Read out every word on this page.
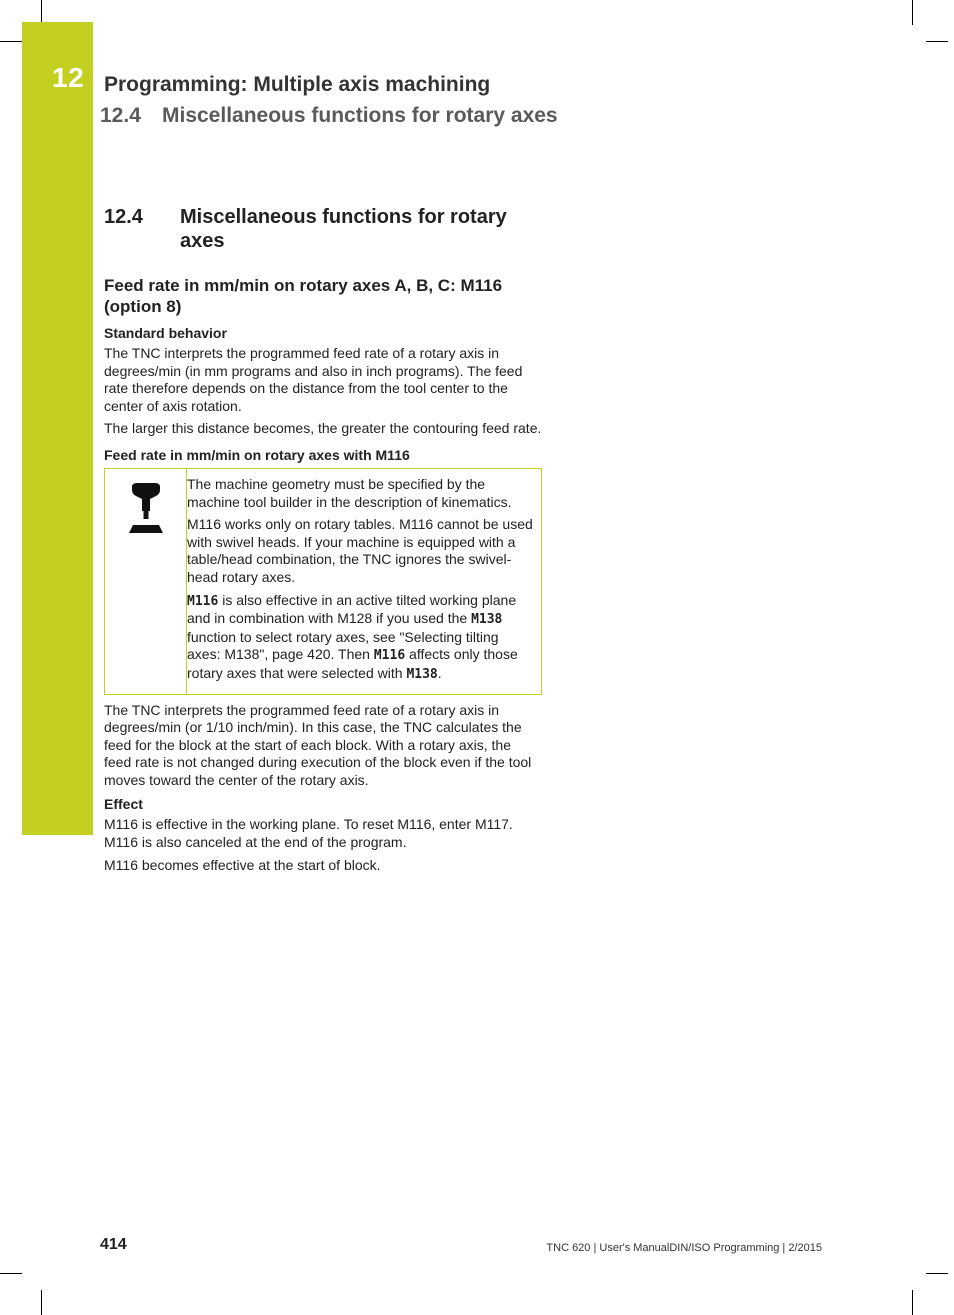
12 Programming: Multiple axis machining
12.4 Miscellaneous functions for rotary axes
12.4	Miscellaneous functions for rotary axes
Feed rate in mm/min on rotary axes A, B, C: M116 (option 8)
Standard behavior

The TNC interprets the programmed feed rate of a rotary axis in degrees/min (in mm programs and also in inch programs). The feed rate therefore depends on the distance from the tool center to the center of axis rotation.

The larger this distance becomes, the greater the contouring feed rate.

Feed rate in mm/min on rotary axes with M116

The machine geometry must be specified by the machine tool builder in the description of kinematics.

M116 works only on rotary tables. M116 cannot be used with swivel heads. If your machine is equipped with a table/head combination, the TNC ignores the swivel-head rotary axes.

M116 is also effective in an active tilted working plane and in combination with M128 if you used the M138 function to select rotary axes, see "Selecting tilting axes: M138", page 420. Then M116 affects only those rotary axes that were selected with M138.

The TNC interprets the programmed feed rate of a rotary axis in degrees/min (or 1/10 inch/min). In this case, the TNC calculates the feed for the block at the start of each block. With a rotary axis, the feed rate is not changed during execution of the block even if the tool moves toward the center of the rotary axis.

Effect

M116 is effective in the working plane. To reset M116, enter M117. M116 is also canceled at the end of the program.

M116 becomes effective at the start of block.

414	TNC 620 | User's ManualDIN/ISO Programming | 2/2015
